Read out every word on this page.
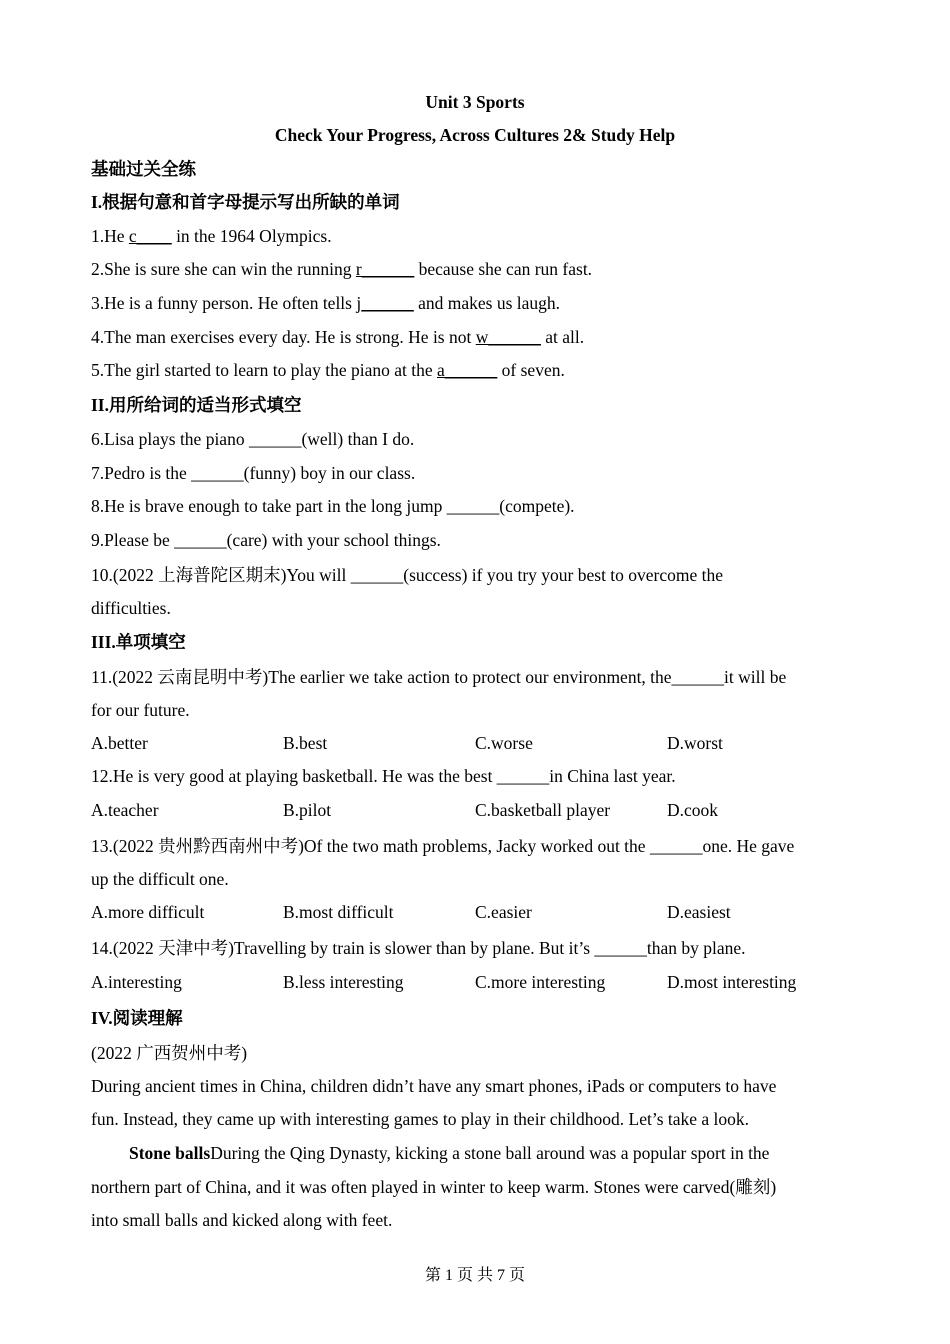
Unit 3 Sports
Check Your Progress, Across Cultures 2& Study Help
基础过关全练
I.根据句意和首字母提示写出所缺的单词
1.He c____ in the 1964 Olympics.
2.She is sure she can win the running r______ because she can run fast.
3.He is a funny person. He often tells j______ and makes us laugh.
4.The man exercises every day. He is strong. He is not w______ at all.
5.The girl started to learn to play the piano at the a______ of seven.
II.用所给词的适当形式填空
6.Lisa plays the piano ______(well) than I do.
7.Pedro is the ______(funny) boy in our class.
8.He is brave enough to take part in the long jump ______(compete).
9.Please be ______(care) with your school things.
10.(2022 上海普陀区期末)You will ______(success) if you try your best to overcome the
difficulties.
III.单项填空
11.(2022 云南昆明中考)The earlier we take action to protect our environment, the______it will be
for our future.
A.better	B.best	C.worse	D.worst
12.He is very good at playing basketball. He was the best ______in China last year.
A.teacher	B.pilot	C.basketball player	D.cook
13.(2022 贵州黔西南州中考)Of the two math problems, Jacky worked out the ______one. He gave
up the difficult one.
A.more difficult	B.most difficult	C.easier	D.easiest
14.(2022 天津中考)Travelling by train is slower than by plane. But it’s ______than by plane.
A.interesting	B.less interesting	C.more interesting	D.most interesting
IV.阅读理解
(2022 广西贺州中考)
During ancient times in China, children didn’t have any smart phones, iPads or computers to have
fun. Instead, they came up with interesting games to play in their childhood. Let’s take a look.
Stone ballsDuring the Qing Dynasty, kicking a stone ball around was a popular sport in the
northern part of China, and it was often played in winter to keep warm. Stones were carved(雕刻)
into small balls and kicked along with feet.
第 1 页 共 7 页
